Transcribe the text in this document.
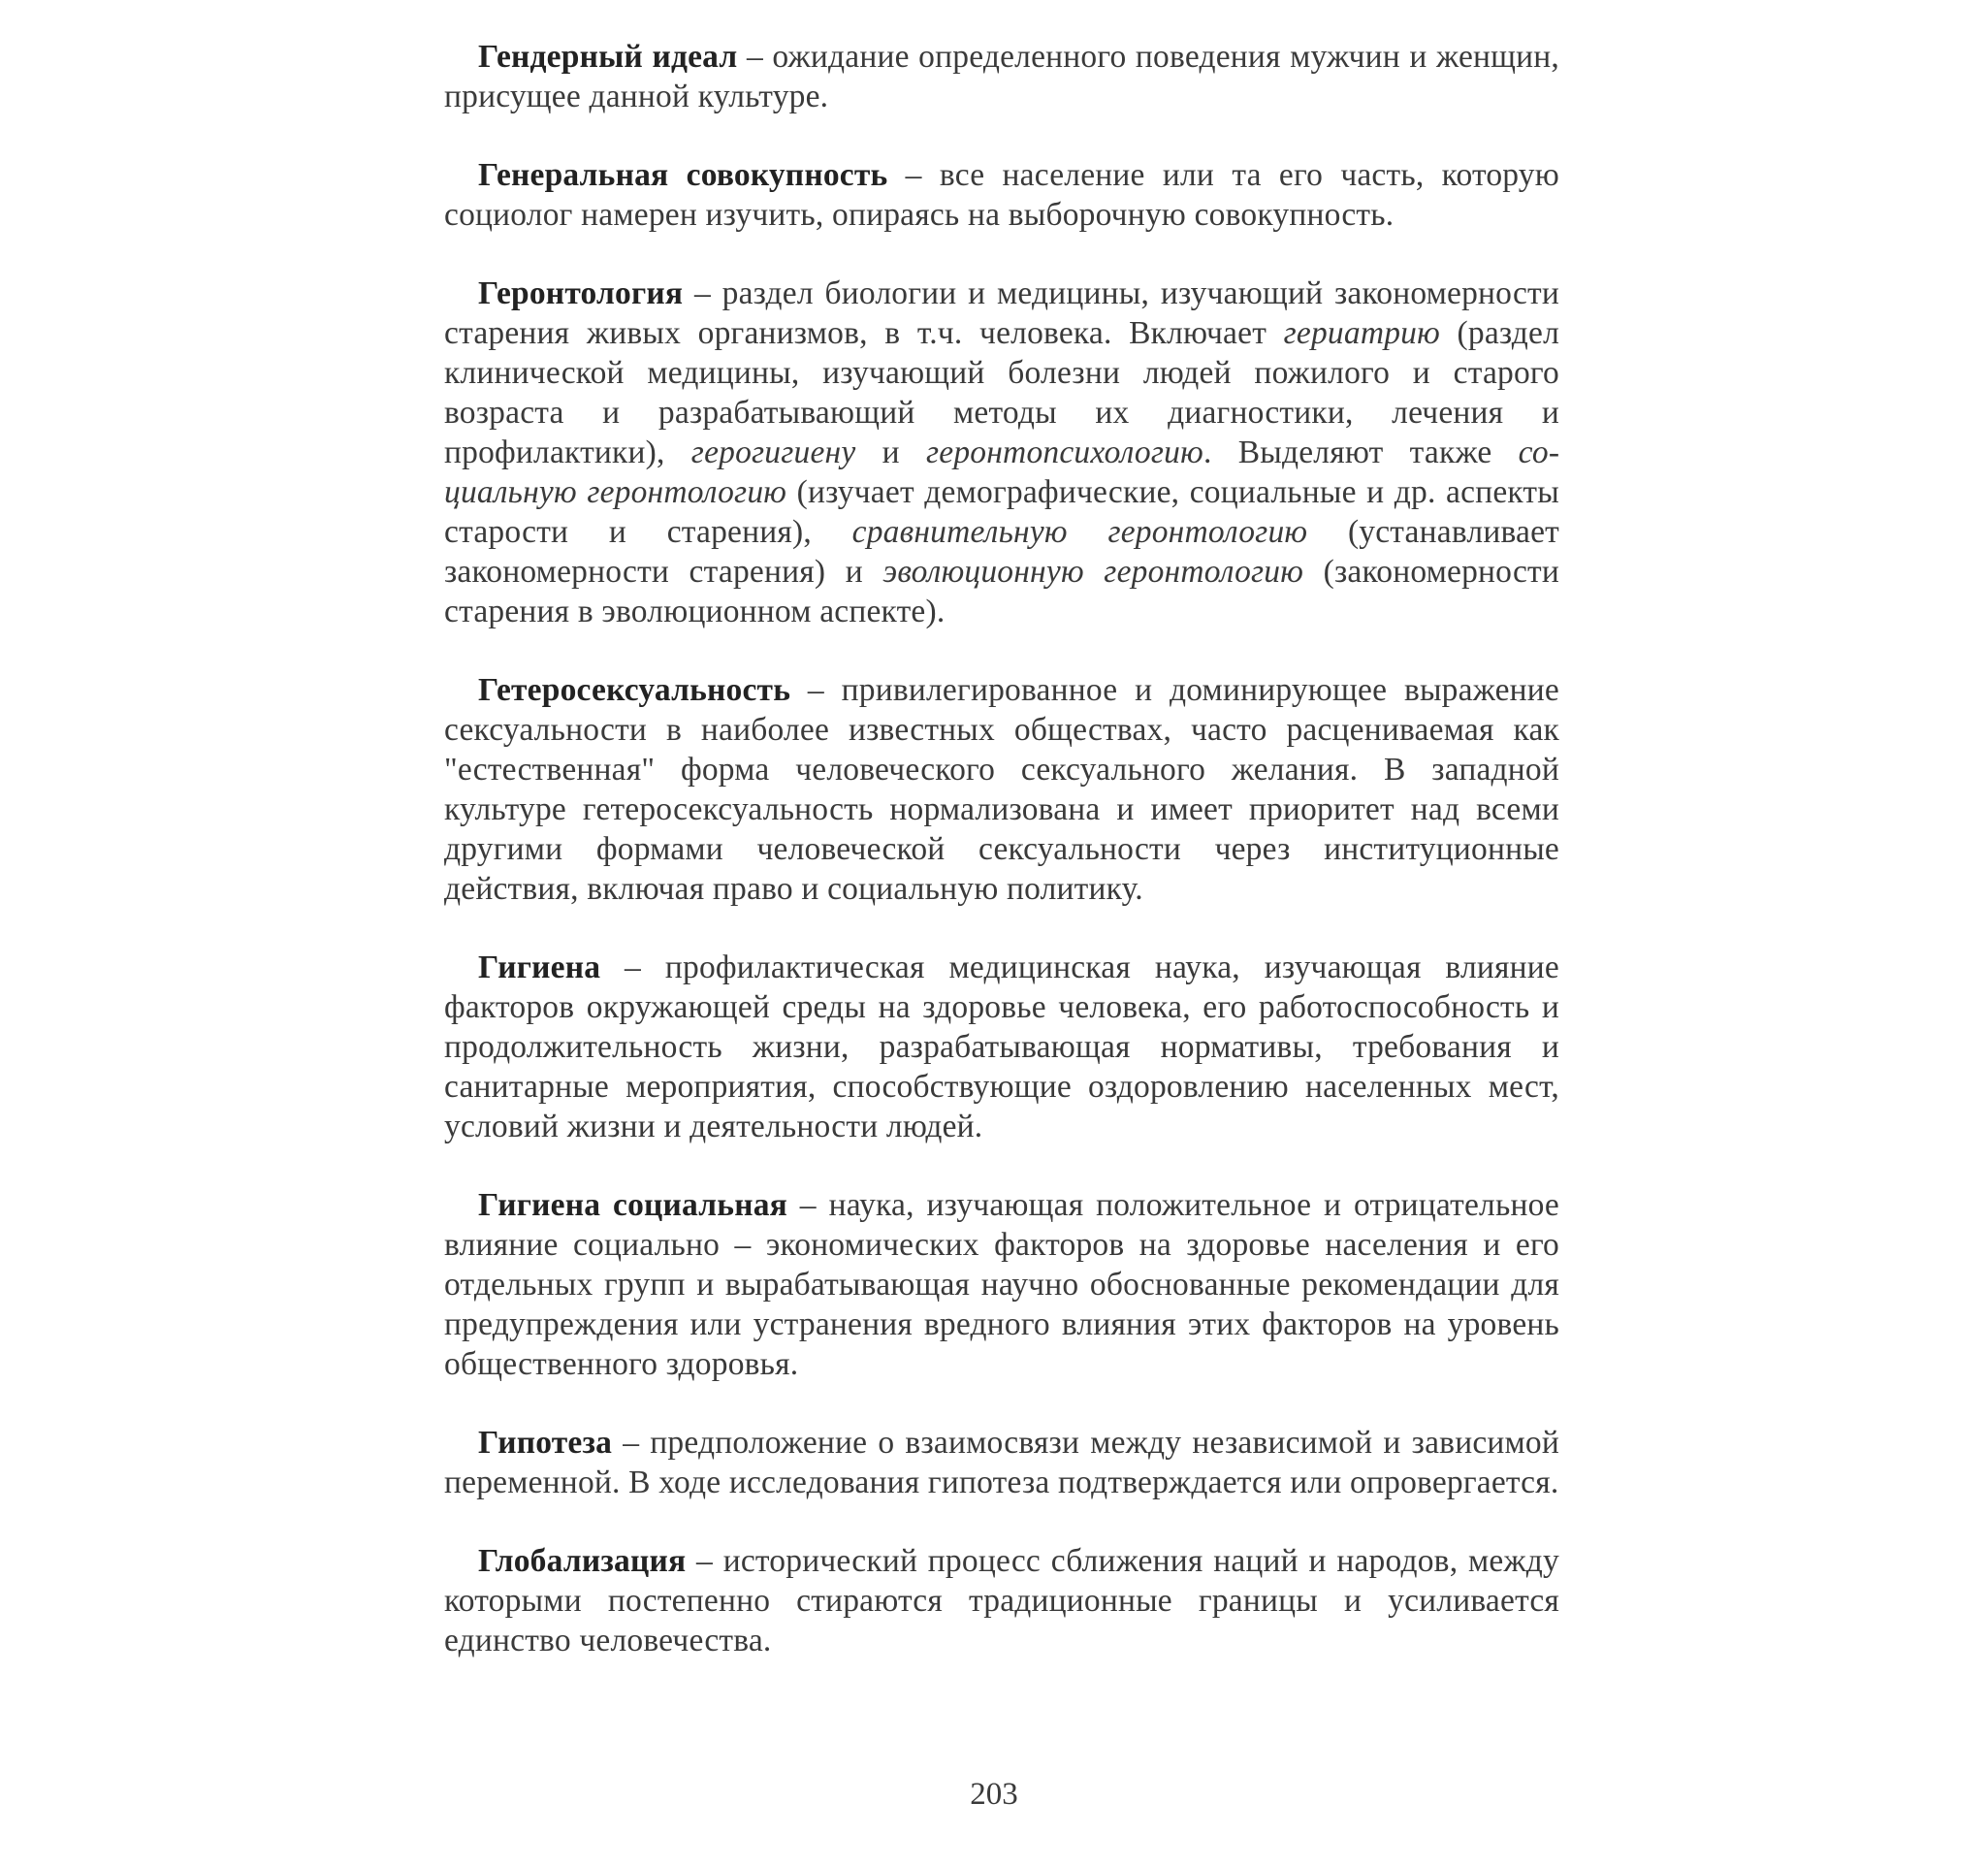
Гендерный идеал – ожидание определенного поведения мужчин и женщин, присущее данной культуре.

Генеральная совокупность – все население или та его часть, которую социолог намерен изучить, опираясь на выборочную совокупность.

Геронтология – раздел биологии и медицины, изучающий закономерности старения живых организмов, в т.ч. человека. Включает гериатрию (раздел клинической медицины, изучающий болезни людей пожилого и старого возраста и разрабатывающий методы их диагностики, лечения и профилактики), герогигиену и геронтопсихологию. Выделяют также социальную геронтологию (изучает демографические, социальные и др. аспекты старости и старения), сравнительную геронтологию (устанавливает закономерности старения) и эволюционную геронтологию (закономерности старения в эволюционном аспекте).

Гетеросексуальность – привилегированное и доминирующее выражение сексуальности в наиболее известных обществах, часто расцениваемая как "естественная" форма человеческого сексуального желания. В западной культуре гетеросексуальность нормализована и имеет приоритет над всеми другими формами человеческой сексуальности через институционные действия, включая право и социальную политику.

Гигиена – профилактическая медицинская наука, изучающая влияние факторов окружающей среды на здоровье человека, его работоспособность и продолжительность жизни, разрабатывающая нормативы, требования и санитарные мероприятия, способствующие оздоровлению населенных мест, условий жизни и деятельности людей.

Гигиена социальная – наука, изучающая положительное и отрицательное влияние социально – экономических факторов на здоровье населения и его отдельных групп и вырабатывающая научно обоснованные рекомендации для предупреждения или устранения вредного влияния этих факторов на уровень общественного здоровья.

Гипотеза – предположение о взаимосвязи между независимой и зависимой переменной. В ходе исследования гипотеза подтверждается или опровергается.

Глобализация – исторический процесс сближения наций и народов, между которыми постепенно стираются традиционные границы и усиливается единство человечества.

203
